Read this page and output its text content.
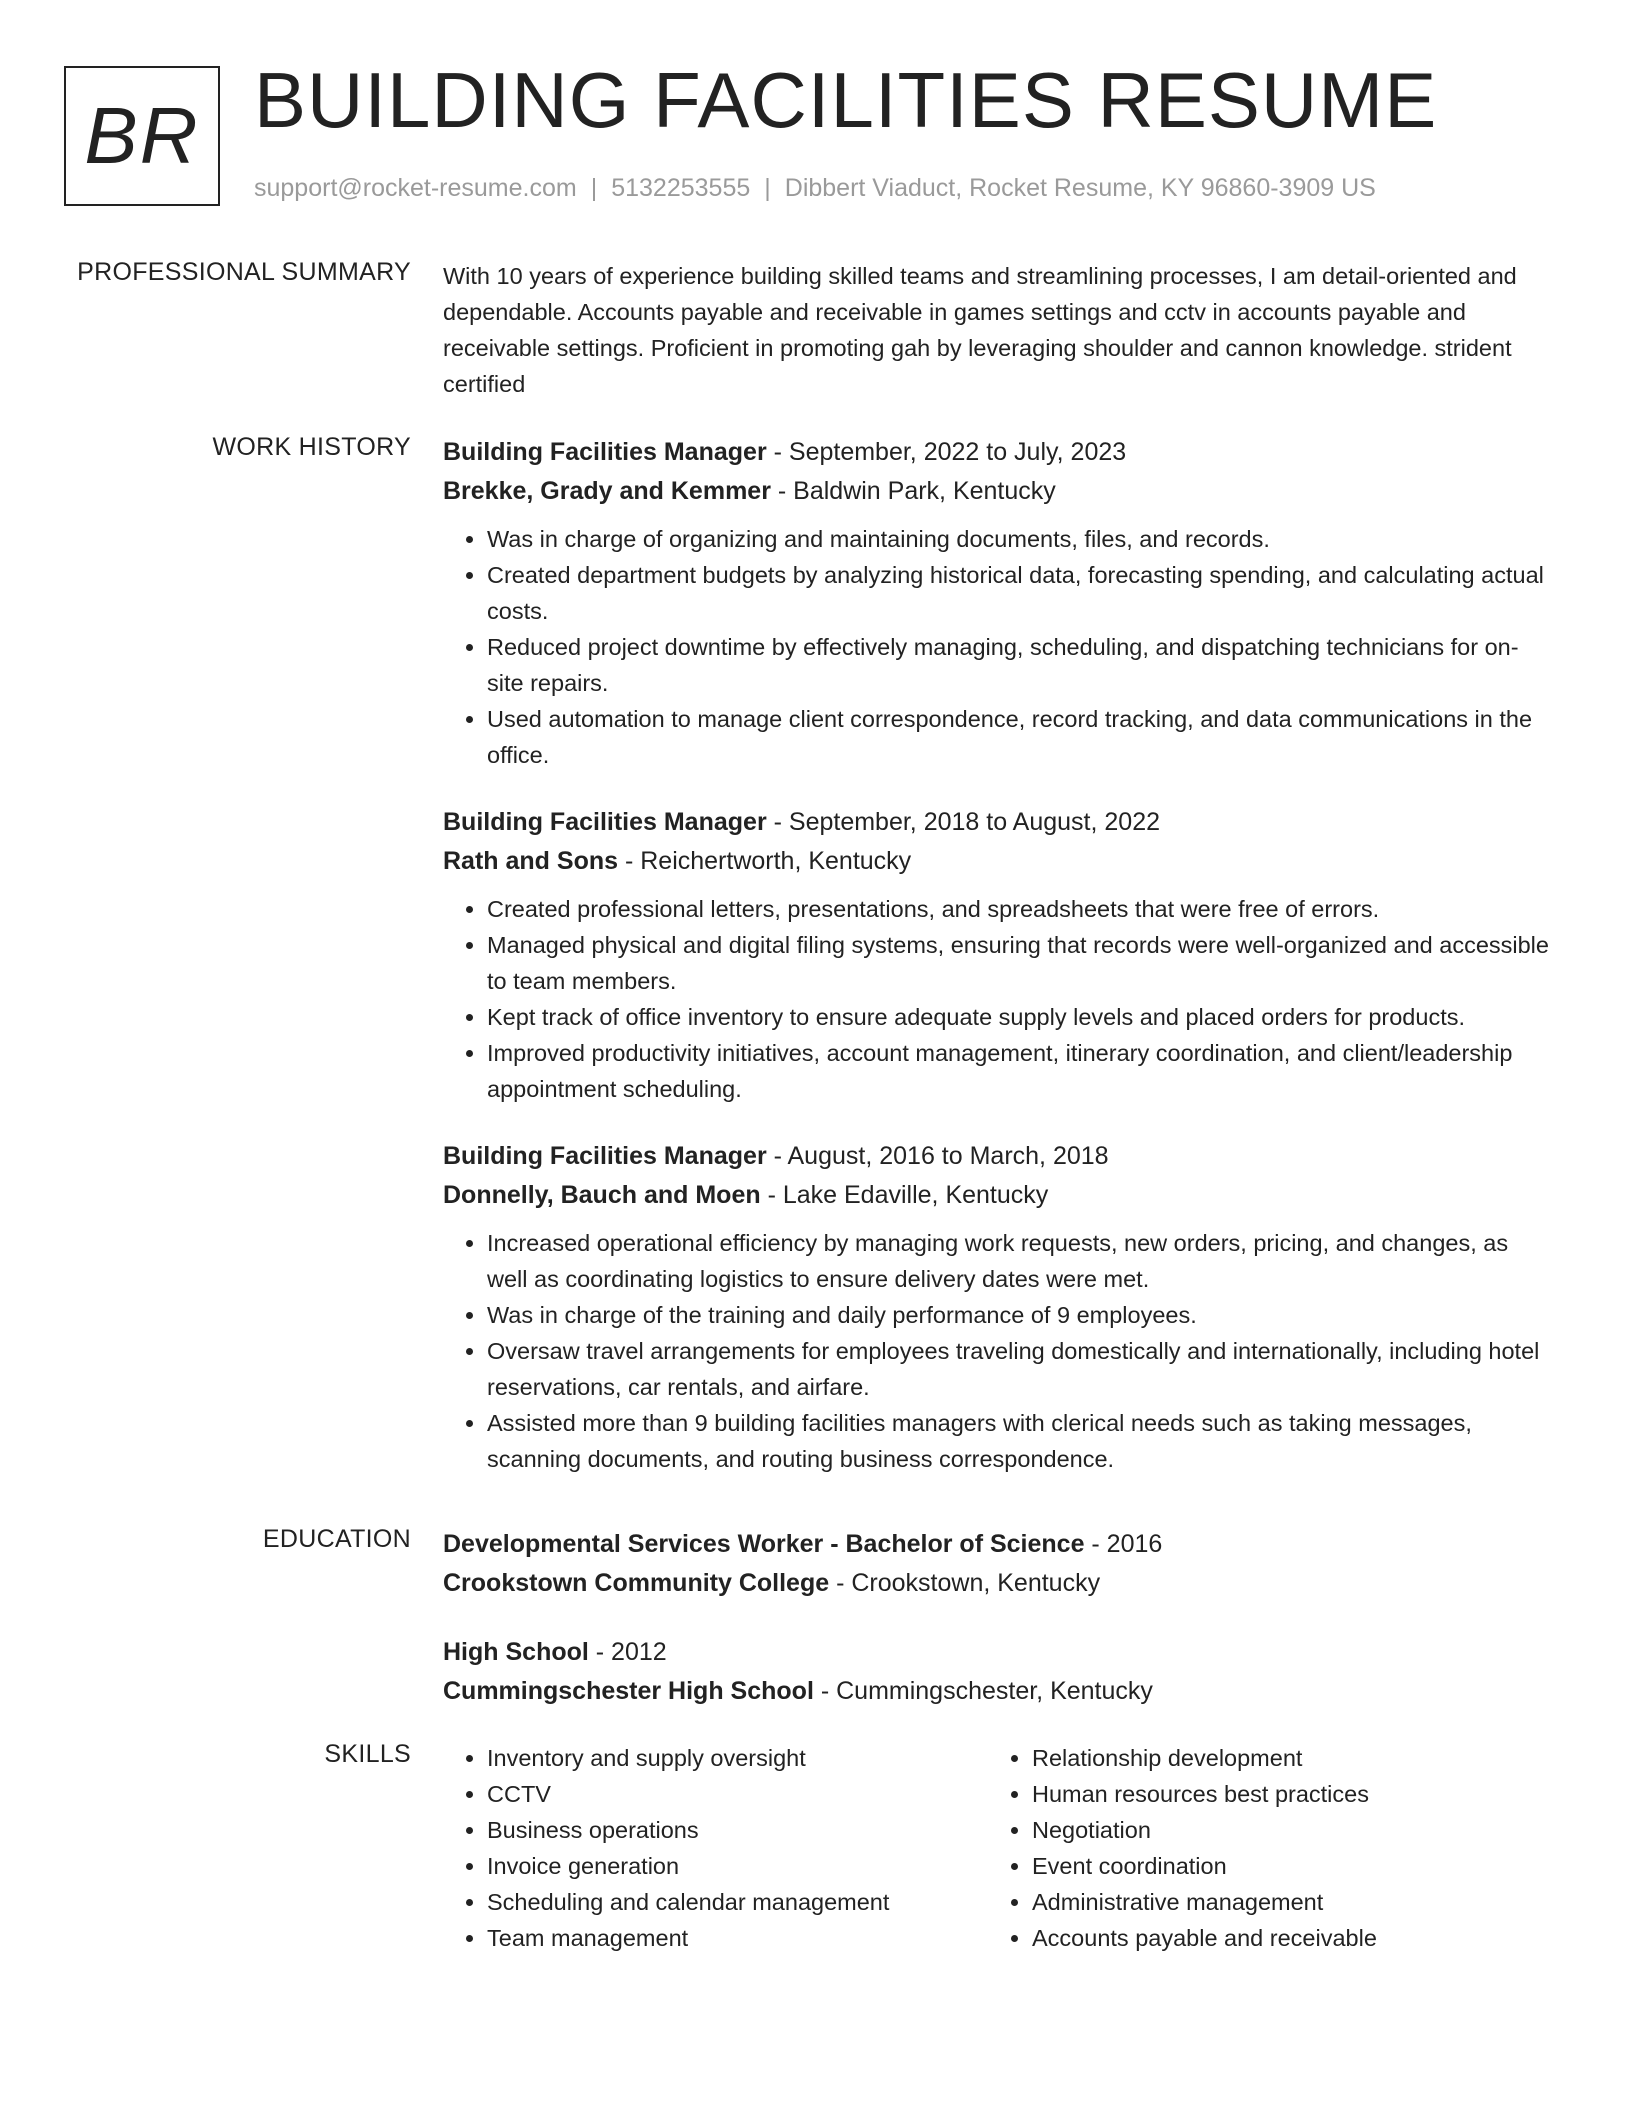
BR BUILDING FACILITIES RESUME
support@rocket-resume.com | 5132253555 | Dibbert Viaduct, Rocket Resume, KY 96860-3909 US
PROFESSIONAL SUMMARY With 10 years of experience building skilled teams and streamlining processes, I am detail-oriented and dependable. Accounts payable and receivable in games settings and cctv in accounts payable and receivable settings. Proficient in promoting gah by leveraging shoulder and cannon knowledge. strident certified

WORK HISTORY Building Facilities Manager - September, 2022 to July, 2023
Brekke, Grady and Kemmer - Baldwin Park, Kentucky
• Was in charge of organizing and maintaining documents, files, and records.
• Created department budgets by analyzing historical data, forecasting spending, and calculating actual costs.
• Reduced project downtime by effectively managing, scheduling, and dispatching technicians for on-site repairs.
• Used automation to manage client correspondence, record tracking, and data communications in the office.
Building Facilities Manager - September, 2018 to August, 2022
Rath and Sons - Reichertworth, Kentucky
• Created professional letters, presentations, and spreadsheets that were free of errors.
• Managed physical and digital filing systems, ensuring that records were well-organized and accessible to team members.
• Kept track of office inventory to ensure adequate supply levels and placed orders for products.
• Improved productivity initiatives, account management, itinerary coordination, and client/leadership appointment scheduling.
Building Facilities Manager - August, 2016 to March, 2018
Donnelly, Bauch and Moen - Lake Edaville, Kentucky
• Increased operational efficiency by managing work requests, new orders, pricing, and changes, as well as coordinating logistics to ensure delivery dates were met.
• Was in charge of the training and daily performance of 9 employees.
• Oversaw travel arrangements for employees traveling domestically and internationally, including hotel reservations, car rentals, and airfare.
• Assisted more than 9 building facilities managers with clerical needs such as taking messages, scanning documents, and routing business correspondence.
EDUCATION Developmental Services Worker - Bachelor of Science - 2016
Crookstown Community College - Crookstown, Kentucky
High School - 2012
Cummingschester High School - Cummingschester, Kentucky
SKILLS
•	Inventory and supply oversight
• CCTV
• Business operations
• Invoice generation
• Scheduling and calendar management
• Team management
• Relationship development
• Human resources best practices
• Negotiation
• Event coordination
• Administrative management
• Accounts payable and receivable
